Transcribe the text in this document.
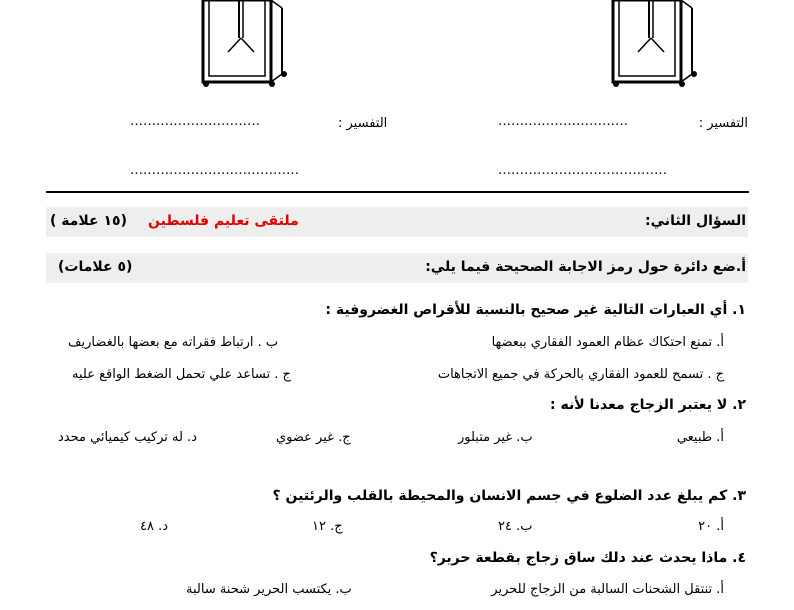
التفسير :
…………………………
التفسير :
…………………………
…………………………………
…………………………………
السؤال الثاني:
ملتقى تعليم فلسطين
(١٥ علامة )
أ.ضع دائرة حول رمز الاجابة الصحيحة فيما يلي:
(٥ علامات)
١. أي العبارات التالية غير صحيح بالنسبة للأقراص الغضروفية :
أ. تمنع احتكاك عظام العمود الفقاري ببعضها
ب . ارتباط فقراته مع بعضها بالغضاريف
ج . تسمح للعمود الفقاري بالحركة في جميع الاتجاهات
ج . تساعد علي تحمل الضغط الواقع عليه
٢. لا يعتبر الزجاج معدنا لأنه :
أ. طبيعي
ب. غير متبلور
ج. غير عضوي
د. له تركيب كيميائي محدد
٣. كم يبلغ عدد الضلوع في جسم الانسان والمحيطة بالقلب والرئتين ؟
أ. ٢٠
ب. ٢٤
ج. ١٢
د. ٤٨
٤. ماذا يحدث عند دلك ساق زجاج بقطعة حرير؟
أ. تنتقل الشحنات السالبة من الزجاج للحرير
ب. يكتسب الحرير شحنة سالبة
